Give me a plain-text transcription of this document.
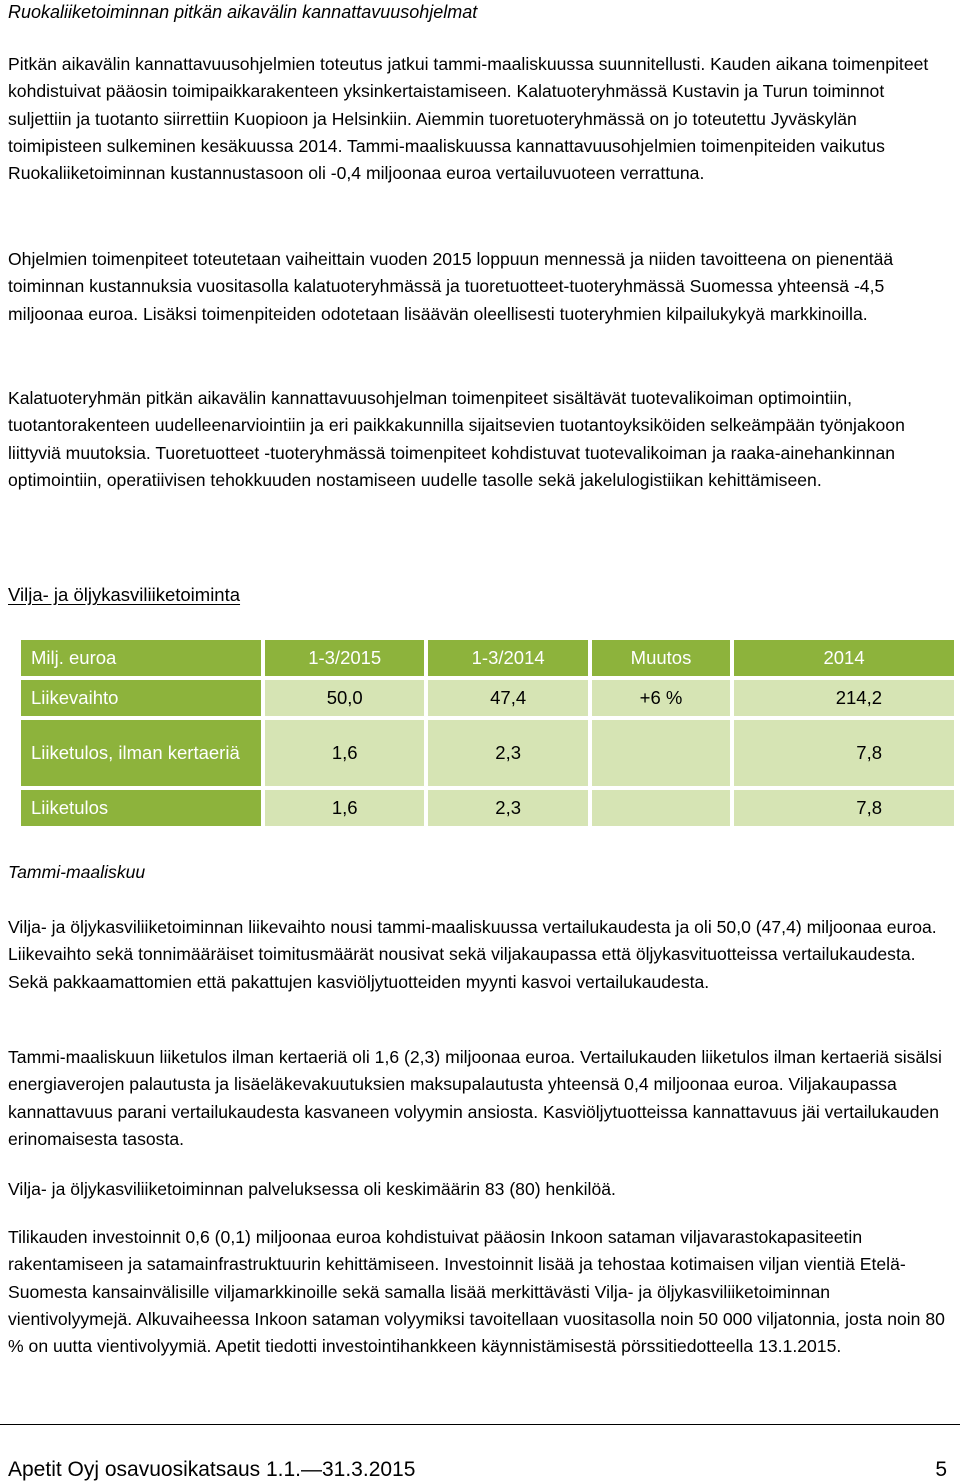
Ruokaliiketoiminnan pitkän aikavälin kannattavuusohjelmat

Pitkän aikavälin kannattavuusohjelmien toteutus jatkui tammi-maaliskuussa suunnitellusti. Kauden aikana toimenpiteet kohdistuivat pääosin toimipaikkarakenteen yksinkertaistamiseen. Kalatuoteryhmässä Kustavin ja Turun toiminnot suljettiin ja tuotanto siirrettiin Kuopioon ja Helsinkiin. Aiemmin tuoretuoteryhmässä on jo toteutettu Jyväskylän toimipisteen sulkeminen kesäkuussa 2014. Tammi-maaliskuussa kannattavuusohjelmien toimenpiteiden vaikutus Ruokaliiketoiminnan kustannustasoon oli -0,4 miljoonaa euroa vertailuvuoteen verrattuna.

Ohjelmien toimenpiteet toteutetaan vaiheittain vuoden 2015 loppuun mennessä ja niiden tavoitteena on pienentää toiminnan kustannuksia vuositasolla kalatuoteryhmässä ja tuoretuotteet-tuoteryhmässä Suomessa yhteensä -4,5 miljoonaa euroa. Lisäksi toimenpiteiden odotetaan lisäävän oleellisesti tuoteryhmien kilpailukykyä markkinoilla.

Kalatuoteryhmän pitkän aikavälin kannattavuusohjelman toimenpiteet sisältävät tuotevalikoiman optimointiin, tuotantorakenteen uudelleenarviointiin ja eri paikkakunnilla sijaitsevien tuotantoyksiköiden selkeämpään työnjakoon liittyviä muutoksia. Tuoretuotteet -tuoteryhmässä toimenpiteet kohdistuvat tuotevalikoiman ja raaka-ainehankinnan optimointiin, operatiivisen tehokkuuden nostamiseen uudelle tasolle sekä jakelulogistiikan kehittämiseen.

Vilja- ja öljykasviliiketoiminta

Milj. euroa	1-3/2015	1-3/2014	Muutos	2014
Liikevaihto	50,0	47,4	+6 %	214,2
Liiketulos, ilman kertaeriä	1,6	2,3		7,8
Liiketulos	1,6	2,3		7,8

Tammi-maaliskuu

Vilja- ja öljykasviliiketoiminnan liikevaihto nousi tammi-maaliskuussa vertailukaudesta ja oli 50,0 (47,4) miljoonaa euroa. Liikevaihto sekä tonnimääräiset toimitusmäärät nousivat sekä viljakaupassa että öljykasvituotteissa vertailukaudesta. Sekä pakkaamattomien että pakattujen kasviöljytuotteiden myynti kasvoi vertailukaudesta.

Tammi-maaliskuun liiketulos ilman kertaeriä oli 1,6 (2,3) miljoonaa euroa. Vertailukauden liiketulos ilman kertaeriä sisälsi energiaverojen palautusta ja lisäeläkevakuutuksien maksupalautusta yhteensä 0,4 miljoonaa euroa. Viljakaupassa kannattavuus parani vertailukaudesta kasvaneen volyymin ansiosta. Kasviöljytuotteissa kannattavuus jäi vertailukauden erinomaisesta tasosta.

Vilja- ja öljykasviliiketoiminnan palveluksessa oli keskimäärin 83 (80) henkilöä.

Tilikauden investoinnit 0,6 (0,1) miljoonaa euroa kohdistuivat pääosin Inkoon sataman viljavarastokapasiteetin rakentamiseen ja satamainfrastruktuurin kehittämiseen. Investoinnit lisää ja tehostaa kotimaisen viljan vientiä Etelä-Suomesta kansainvälisille viljamarkkinoille sekä samalla lisää merkittävästi Vilja- ja öljykasviliiketoiminnan vientivolyymejä. Alkuvaiheessa Inkoon sataman volyymiksi tavoitellaan vuositasolla noin 50 000 viljatonnia, josta noin 80 % on uutta vientivolyymiä. Apetit tiedotti investointihankkeen käynnistämisestä pörssitiedotteella 13.1.2015.

Apetit Oyj osavuosikatsaus 1.1.—31.3.2015	5
